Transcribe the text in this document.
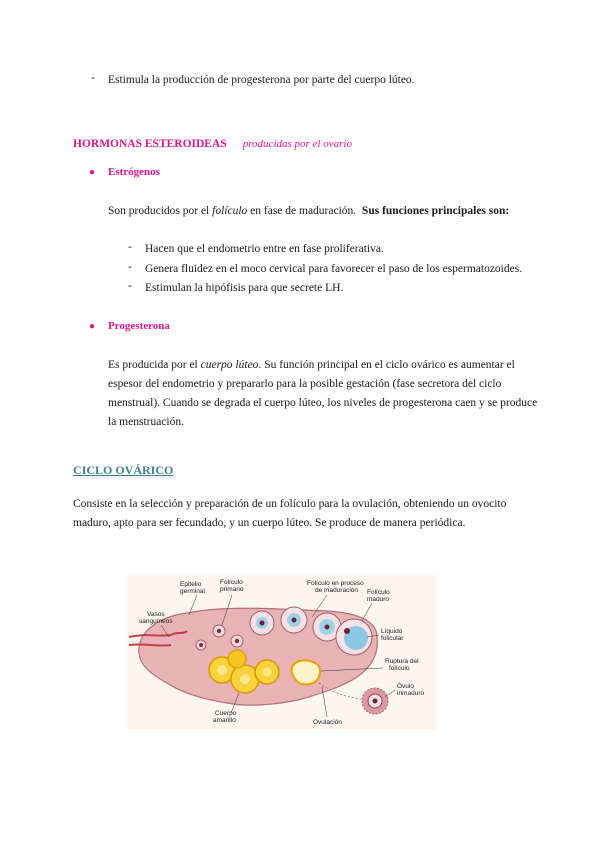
- Estimula la producción de progesterona por parte del cuerpo lúteo.
HORMONAS ESTEROIDEAS producidas por el ovario
● Estrógenos
Son producidos por el folículo en fase de maduración. Sus funciones principales son:
- Hacen que el endometrio entre en fase proliferativa.
- Genera fluidez en el moco cervical para favorecer el paso de los espermatozoides.
- Estimulan la hipófisis para que secrete LH.
● Progesterona
Es producida por el cuerpo lúteo. Su función principal en el ciclo ovárico es aumentar el
espesor del endometrio y prepararlo para la posible gestación (fase secretora del ciclo
menstrual). Cuando se degrada el cuerpo lúteo, los niveles de progesterona caen y se produce
la menstruación.
CICLO OVÁRICO
Consiste en la selección y preparación de un folículo para la ovulación, obteniendo un ovocito
maduro, apto para ser fecundado, y un cuerpo lúteo. Se produce de manera periódica.
Epitelio
germinal
Folículo
primario
Folículo en proceso
de maduración Folículo
maduro
Vasos
sanguíneos
Líquido
folicular
Ruptura del
folículo
Óvulo
inmaduro
Cuerpo
amarillo	Ovulación
